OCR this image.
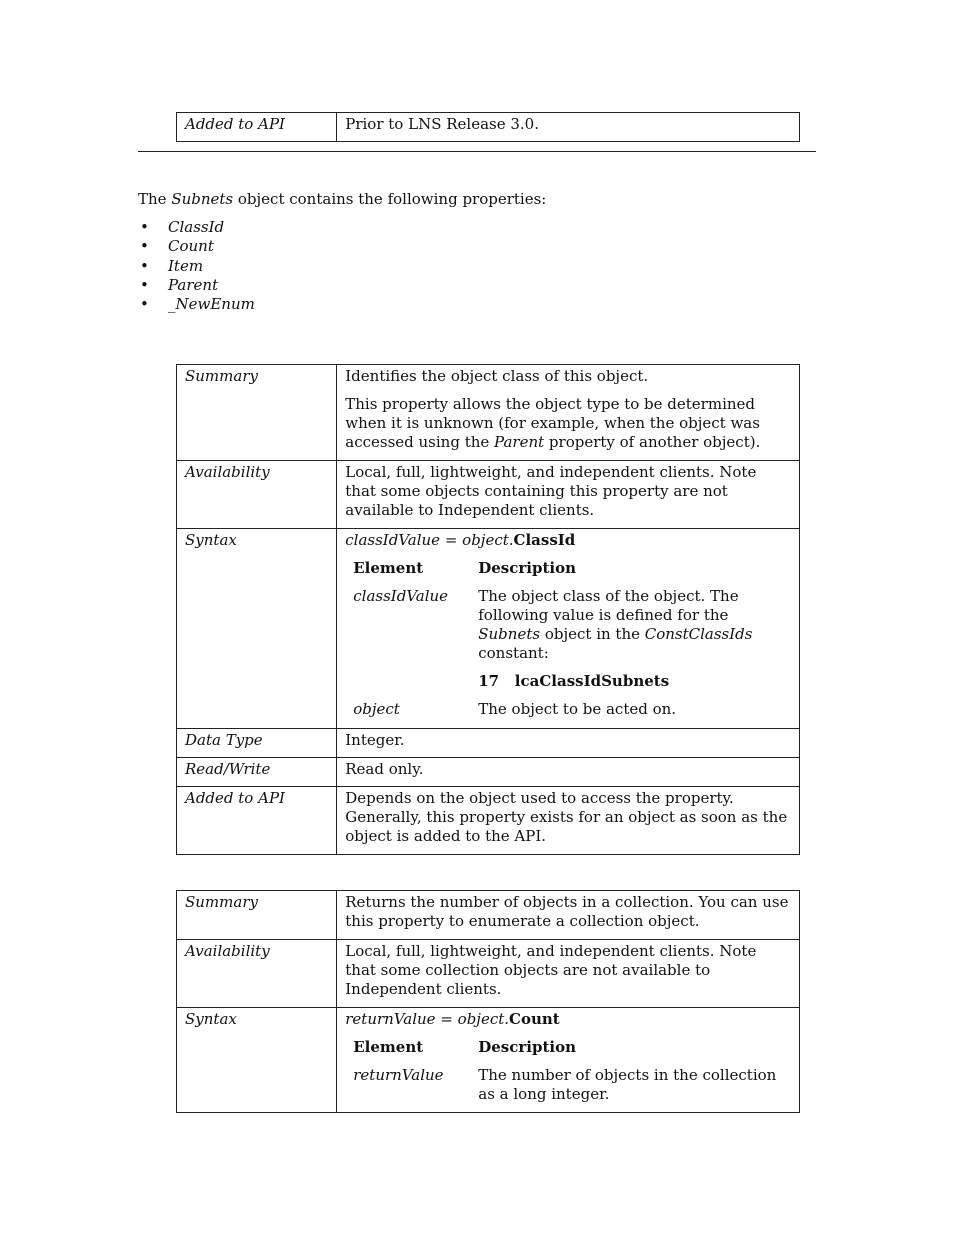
Added to API	Prior to LNS Release 3.0.
The Subnets object contains the following properties:
• ClassId
• Count
• Item
• Parent
• _NewEnum
Summary	Identifies the object class of this object.

This property allows the object type to be determined when it is unknown (for example, when the object was accessed using the Parent property of another object).

Availability	Local, full, lightweight, and independent clients. Note that some objects containing this property are not available to Independent clients.
Syntax	classIdValue = object.ClassId
Element	Description
classIdValue	The object class of the object. The following value is defined for the Subnets object in the ConstClassIds constant:
17   lcaClassIdSubnets

object	The object to be acted on.

Data Type	Integer.
Read/Write	Read only.
Added to API	Depends on the object used to access the property. Generally, this property exists for an object as soon as the object is added to the API.
Summary	Returns the number of objects in a collection. You can use this property to enumerate a collection object.
Availability	Local, full, lightweight, and independent clients. Note that some collection objects are not available to Independent clients.
Syntax	returnValue = object.Count
Element	Description
returnValue	The number of objects in the collection as a long integer.
